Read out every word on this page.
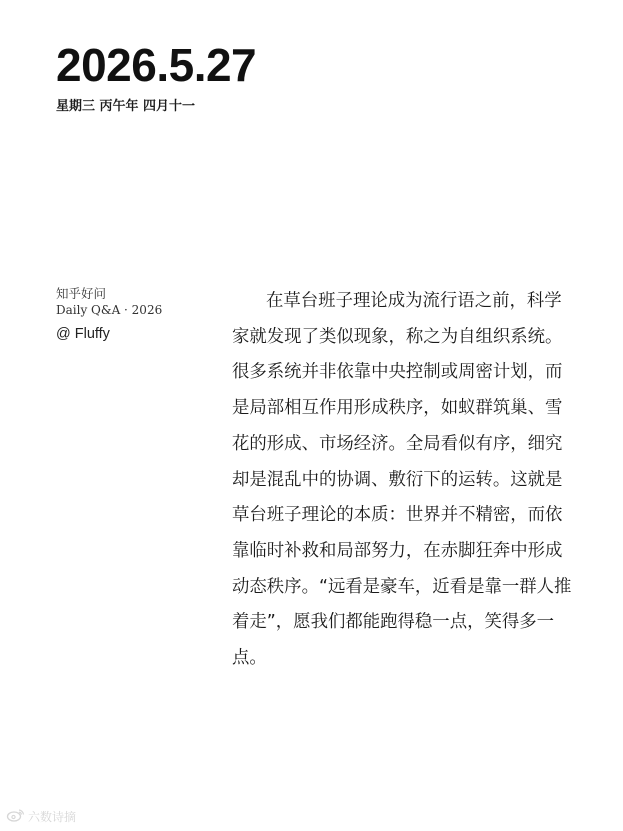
2026.5.27
星期三 丙午年 四月十一
知乎好问
Daily Q&A · 2026
@ Fluffy

在草台班子理论成为流行语之前，科学家就发现了类似现象，称之为自组织系统。很多系统并非依靠中央控制或周密计划，而是局部相互作用形成秩序，如蚁群筑巢、雪花的形成、市场经济。全局看似有序，细究却是混乱中的协调、敷衍下的运转。这就是草台班子理论的本质：世界并不精密，而依靠临时补救和局部努力，在赤脚狂奔中形成动态秩序。“远看是豪车，近看是靠一群人推着走”，愿我们都能跑得稳一点，笑得多一点。

六数诗摘
